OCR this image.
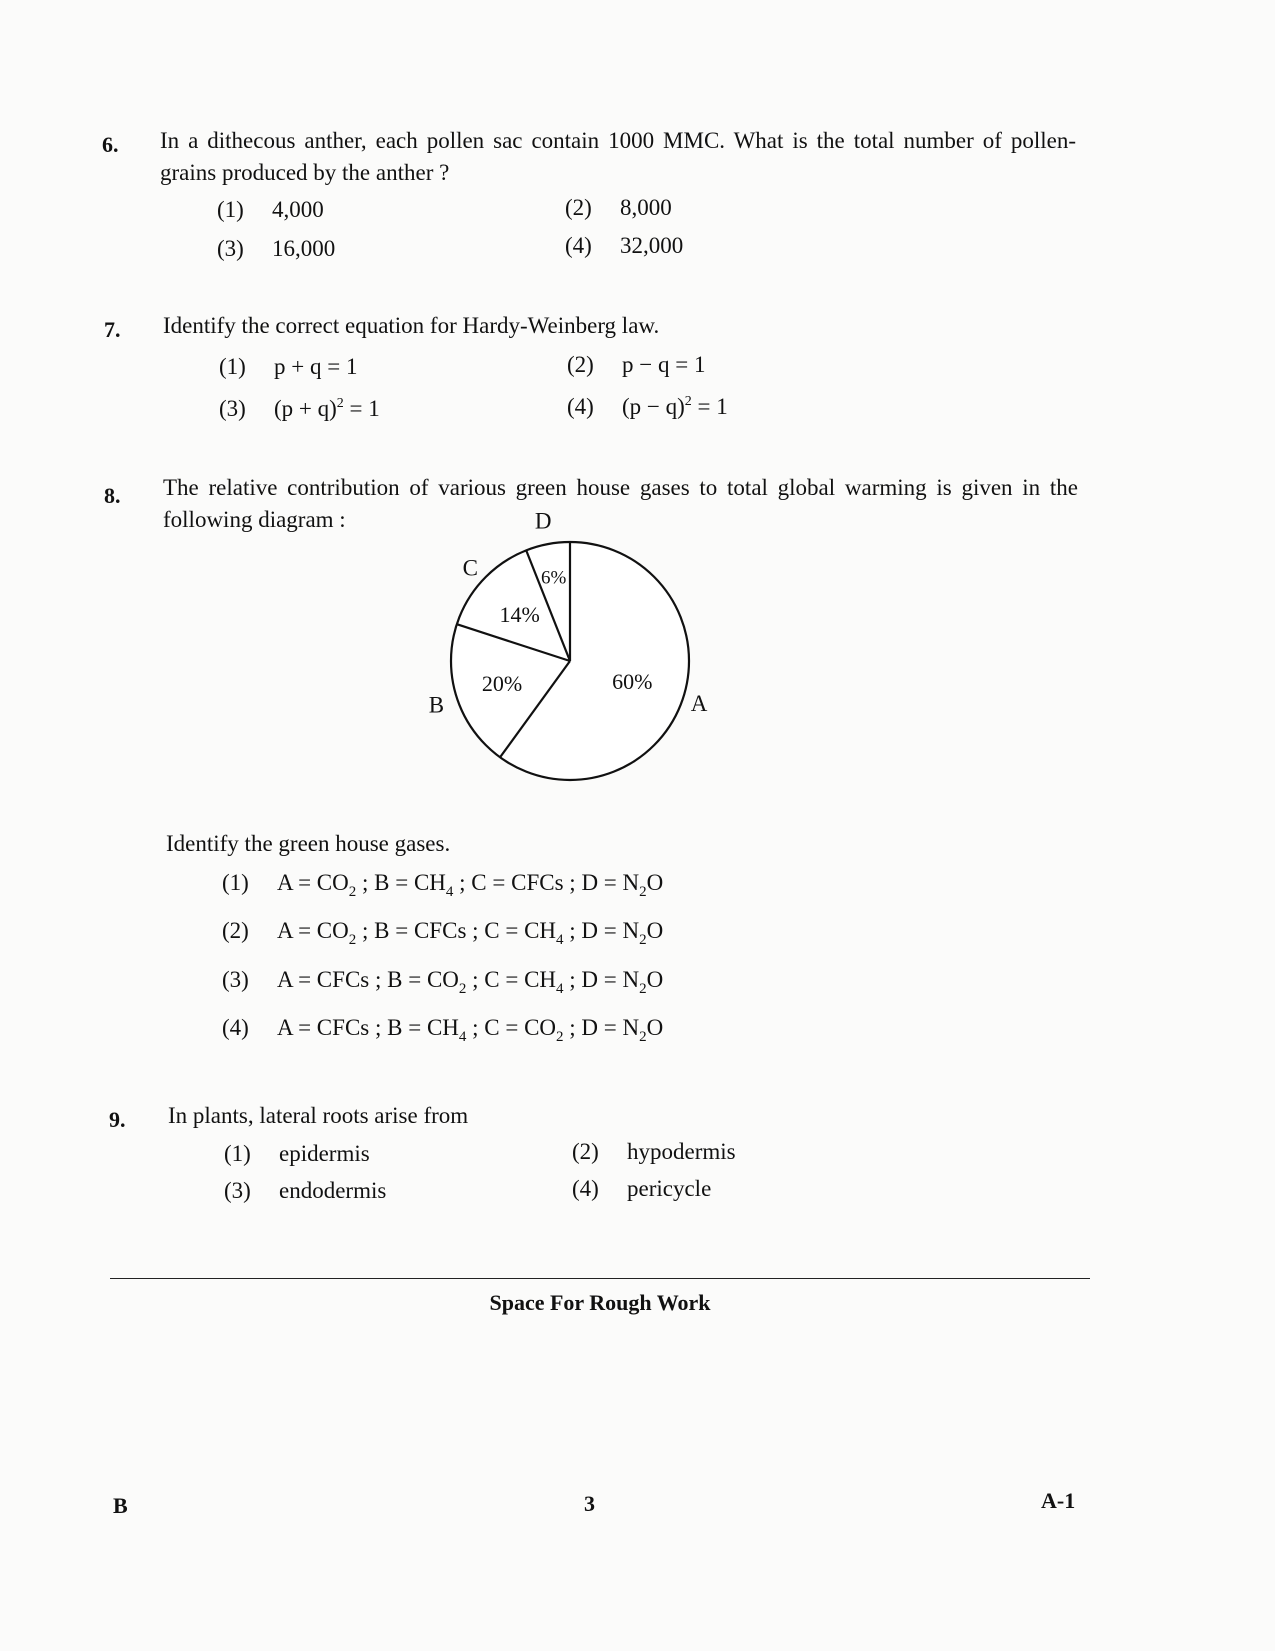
6. In a dithecous anther, each pollen sac contain 1000 MMC. What is the total number of pollen-grains produced by the anther ?
(1) 4,000	(2) 8,000
(3) 16,000	(4) 32,000
7. Identify the correct equation for Hardy-Weinberg law.
(1) p + q = 1	(2) p − q = 1
(3) $(p + q)^2 = 1$	(4) $(p - q)^2 = 1$
8. The relative contribution of various green house gases to total global warming is given in the following diagram :
60%
A
20%
B
14%
C	6%
D
Identify the green house gases.
(1) $A = CO_2$ ; $B = CH_4$ ; C = CFCs ; $D = N_2O$
(2) $A = CO_2$ ; B = CFCs ; $C = CH_4$ ; $D = N_2O$
(3) A = CFCs ; $B = CO_2$ ; $C = CH_4$ ; $D = N_2O$
(4) A = CFCs ; $B = CH_4$ ; $C = CO_2$ ; $D = N_2O$
9. In plants, lateral roots arise from
(1) epidermis	(2) hypodermis
(3) endodermis	(4) pericycle
Space For Rough Work
B	3	A-1
